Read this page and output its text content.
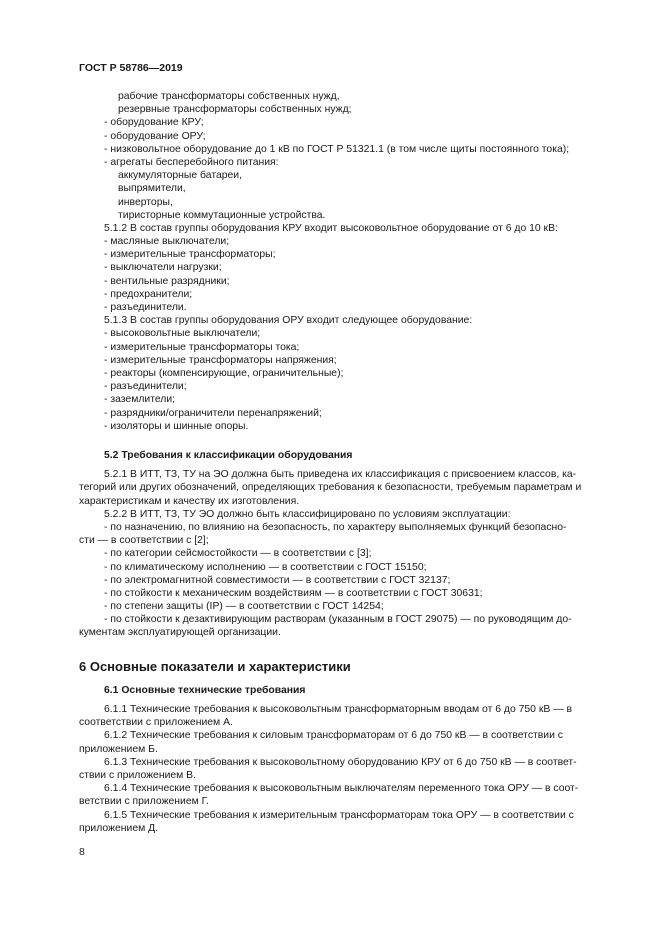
ГОСТ Р 58786—2019
рабочие трансформаторы собственных нужд,
резервные трансформаторы собственных нужд;
- оборудование КРУ;
- оборудование ОРУ;
- низковольтное оборудование до 1 кВ по ГОСТ Р 51321.1 (в том числе щиты постоянного тока);
- агрегаты бесперебойного питания:
аккумуляторные батареи,
выпрямители,
инверторы,
тиристорные коммутационные устройства.
5.1.2 В состав группы оборудования КРУ входит высоковольтное оборудование от 6 до 10 кВ:
- масляные выключатели;
- измерительные трансформаторы;
- выключатели нагрузки;
- вентильные разрядники;
- предохранители;
- разъединители.
5.1.3 В состав группы оборудования ОРУ входит следующее оборудование:
- высоковольтные выключатели;
- измерительные трансформаторы тока;
- измерительные трансформаторы напряжения;
- реакторы (компенсирующие, ограничительные);
- разъединители;
- заземлители;
- разрядники/ограничители перенапряжений;
- изоляторы и шинные опоры.
5.2 Требования к классификации оборудования
5.2.1 В ИТТ, ТЗ, ТУ на ЭО должна быть приведена их классификация с присвоением классов, ка-
тегорий или других обозначений, определяющих требования к безопасности, требуемым параметрам и
характеристикам и качеству их изготовления.
5.2.2 В ИТТ, ТЗ, ТУ ЭО должно быть классифицировано по условиям эксплуатации:
- по назначению, по влиянию на безопасность, по характеру выполняемых функций безопасно-
сти — в соответствии с [2];
- по категории сейсмостойкости — в соответствии с [3];
- по климатическому исполнению — в соответствии с ГОСТ 15150;
- по электромагнитной совместимости — в соответствии с ГОСТ 32137;
- по стойкости к механическим воздействиям — в соответствии с ГОСТ 30631;
- по степени защиты (IP) — в соответствии с ГОСТ 14254;
- по стойкости к дезактивирующим растворам (указанным в ГОСТ 29075) — по руководящим до-
кументам эксплуатирующей организации.
6 Основные показатели и характеристики
6.1 Основные технические требования
6.1.1 Технические требования к высоковольтным трансформаторным вводам от 6 до 750 кВ — в
соответствии с приложением А.
6.1.2 Технические требования к силовым трансформаторам от 6 до 750 кВ — в соответствии с
приложением Б.
6.1.3 Технические требования к высоковольтному оборудованию КРУ от 6 до 750 кВ — в соответ-
ствии с приложением В.
6.1.4 Технические требования к высоковольтным выключателям переменного тока ОРУ — в соот-
ветствии с приложением Г.
6.1.5 Технические требования к измерительным трансформаторам тока ОРУ — в соответствии с
приложением Д.
8
